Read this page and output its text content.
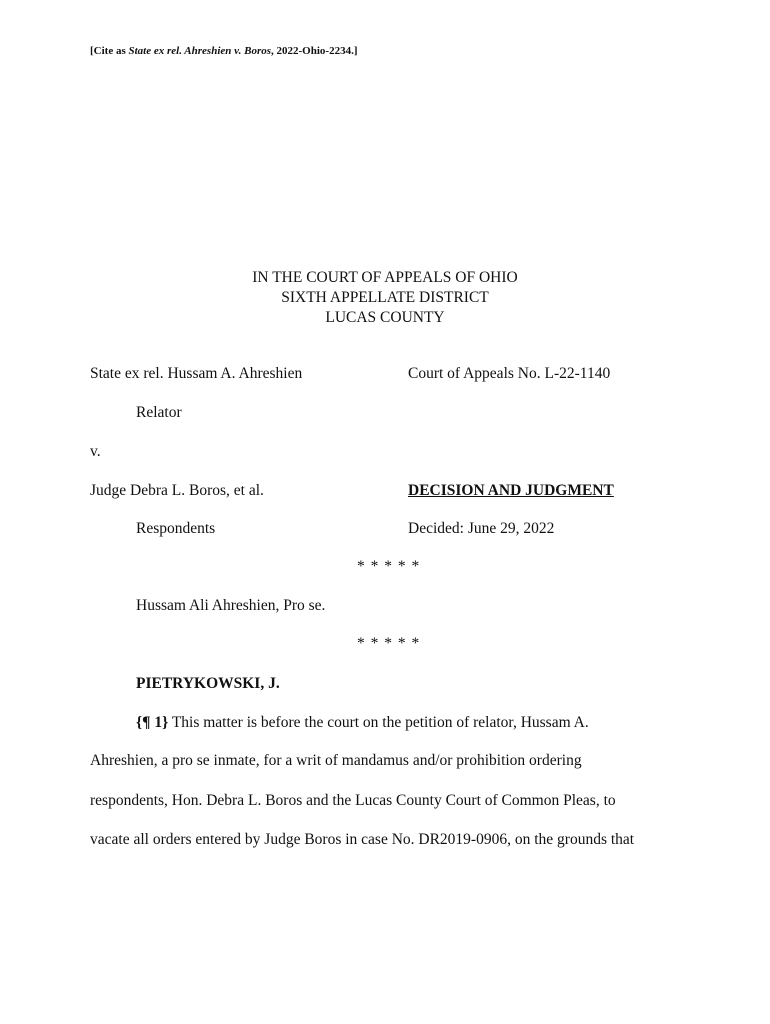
[Cite as State ex rel. Ahreshien v. Boros, 2022-Ohio-2234.]
IN THE COURT OF APPEALS OF OHIO
SIXTH APPELLATE DISTRICT
LUCAS COUNTY
State ex rel. Hussam A. Ahreshien	Court of Appeals No. L-22-1140
Relator
v.
Judge Debra L. Boros, et al.	DECISION AND JUDGMENT
Respondents	Decided: June 29, 2022
* * * * *
Hussam Ali Ahreshien, Pro se.
* * * * *
PIETRYKOWSKI, J.
{¶ 1} This matter is before the court on the petition of relator, Hussam A.
Ahreshien, a pro se inmate, for a writ of mandamus and/or prohibition ordering
respondents, Hon. Debra L. Boros and the Lucas County Court of Common Pleas, to
vacate all orders entered by Judge Boros in case No. DR2019-0906, on the grounds that
